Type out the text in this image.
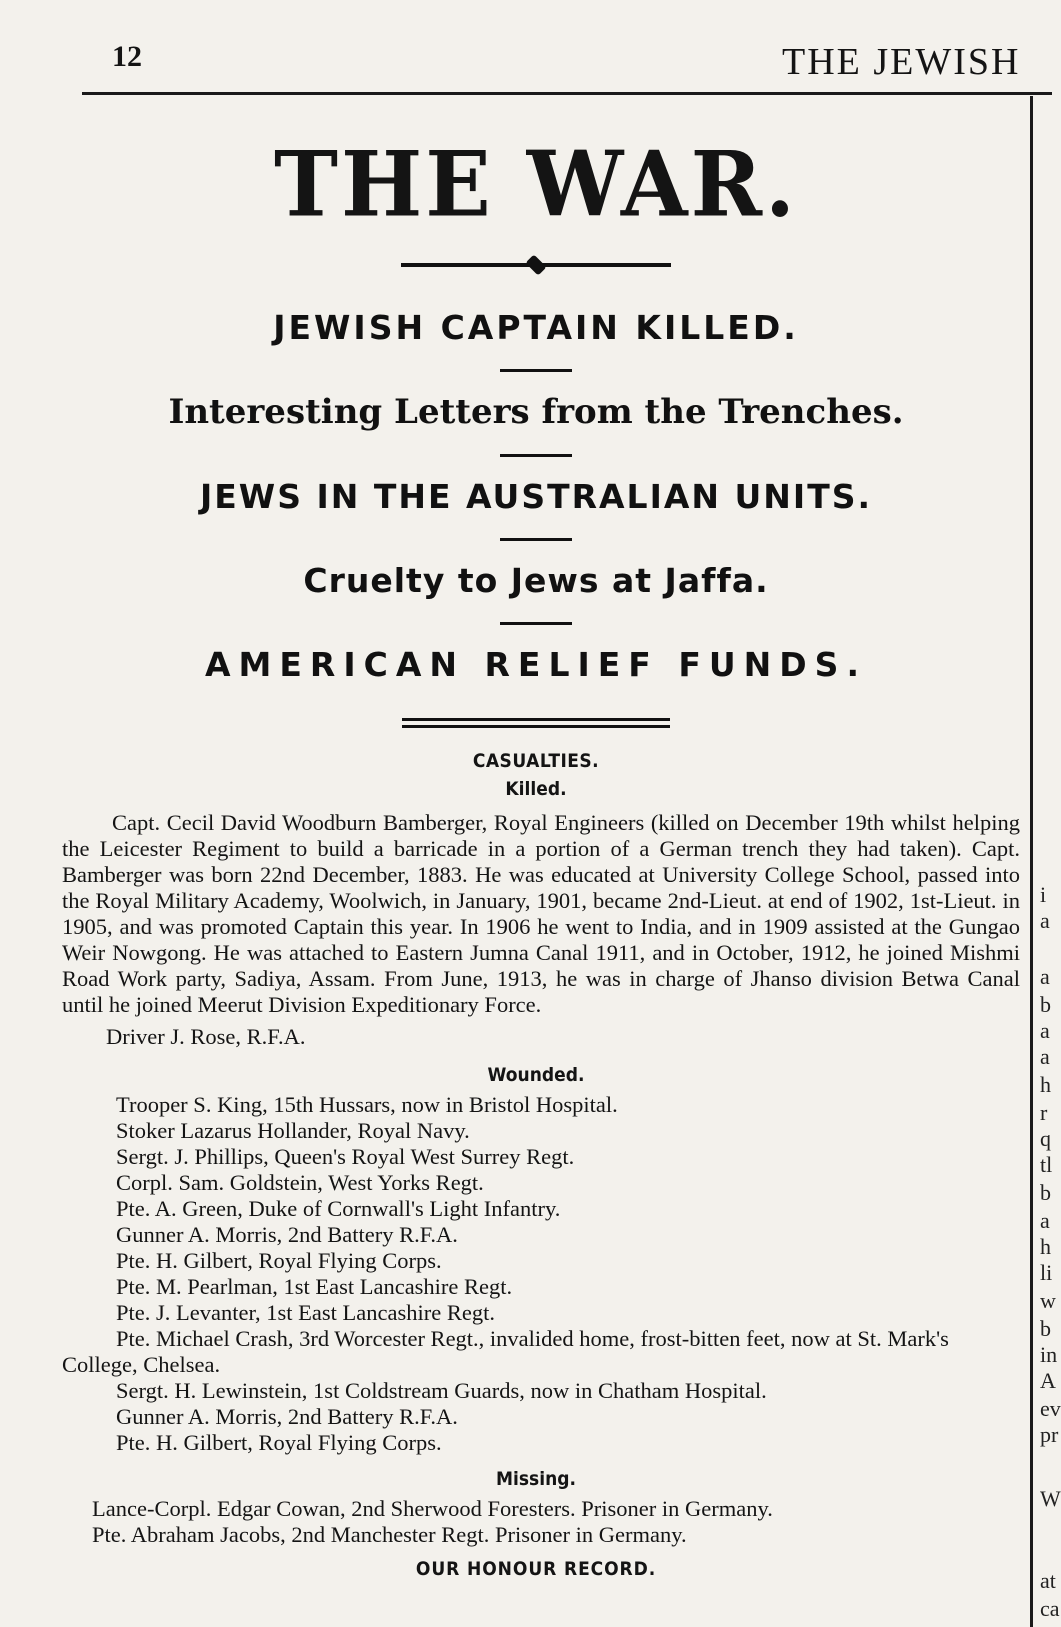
12	THE JEWISH
THE WAR.
JEWISH CAPTAIN KILLED.
Interesting Letters from the Trenches.
JEWS IN THE AUSTRALIAN UNITS.
Cruelty to Jews at Jaffa.
AMERICAN RELIEF FUNDS.
CASUALTIES.
Killed.
Capt. Cecil David Woodburn Bamberger, Royal Engineers (killed on December 19th whilst helping the Leicester Regiment to build a barricade in a portion of a German trench they had taken). Capt. Bamberger was born 22nd December, 1883. He was educated at University College School, passed into the Royal Military Academy, Woolwich, in January, 1901, became 2nd-Lieut. at end of 1902, 1st-Lieut. in 1905, and was promoted Captain this year. In 1906 he went to India, and in 1909 assisted at the Gungao Weir Nowgong. He was attached to Eastern Jumna Canal 1911, and in October, 1912, he joined Mishmi Road Work party, Sadiya, Assam. From June, 1913, he was in charge of Jhanso division Betwa Canal until he joined Meerut Division Expeditionary Force.
Driver J. Rose, R.F.A.
Wounded.
Trooper S. King, 15th Hussars, now in Bristol Hospital.
Stoker Lazarus Hollander, Royal Navy.
Sergt. J. Phillips, Queen's Royal West Surrey Regt.
Corpl. Sam. Goldstein, West Yorks Regt.
Pte. A. Green, Duke of Cornwall's Light Infantry.
Gunner A. Morris, 2nd Battery R.F.A.
Pte. H. Gilbert, Royal Flying Corps.
Pte. M. Pearlman, 1st East Lancashire Regt.
Pte. J. Levanter, 1st East Lancashire Regt.
Pte. Michael Crash, 3rd Worcester Regt., invalided home, frost-bitten feet, now at St. Mark's College, Chelsea.
Sergt. H. Lewinstein, 1st Coldstream Guards, now in Chatham Hospital.
Gunner A. Morris, 2nd Battery R.F.A.
Pte. H. Gilbert, Royal Flying Corps.
Missing.
Lance-Corpl. Edgar Cowan, 2nd Sherwood Foresters. Prisoner in Germany.
Pte. Abraham Jacobs, 2nd Manchester Regt. Prisoner in Germany.
OUR HONOUR RECORD.
i
a
a
b
a
a
h
r
q
tl
b
a
h
li
w
b
in
A
ev
pr
W
at
ca
